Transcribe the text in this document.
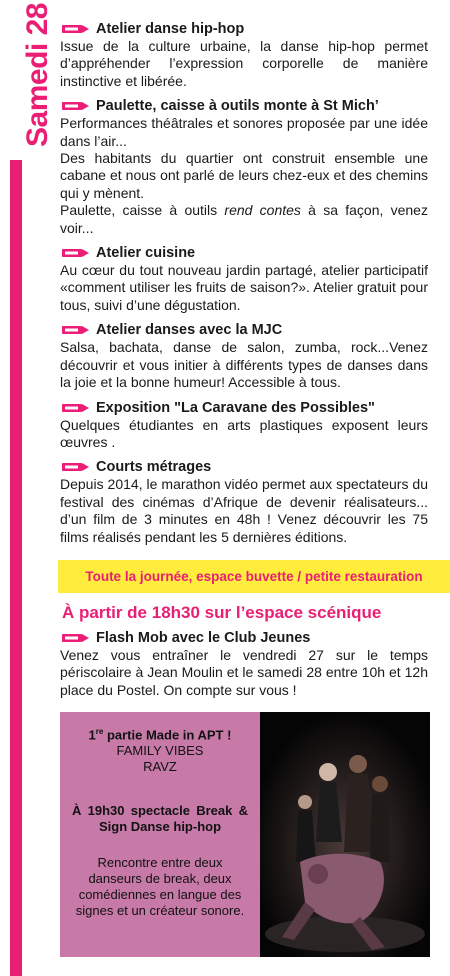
Samedi 28	Atelier danse hip-hop

Issue de la culture urbaine, la danse hip-hop permet d’appréhender l’expression corporelle de manière instinctive et libérée.

Paulette, caisse à outils monte à St Mich’

Performances théâtrales et sonores proposée par une idée dans l’air...

Des habitants du quartier ont construit ensemble une cabane et nous ont parlé de leurs chez-eux et des chemins qui y mènent.

Paulette, caisse à outils rend contes à sa façon, venez voir...

Atelier cuisine

Au cœur du tout nouveau jardin partagé, atelier participatif «comment utiliser les fruits de saison?». Atelier gratuit pour tous, suivi d’une dégustation.

Atelier danses avec la MJC

Salsa, bachata, danse de salon, zumba, rock...Venez découvrir et vous initier à différents types de danses dans la joie et la bonne humeur! Accessible à tous.

Exposition "La Caravane des Possibles"

Quelques étudiantes en arts plastiques exposent leurs œuvres .

Courts métrages

Depuis 2014, le marathon vidéo permet aux spectateurs du festival des cinémas d’Afrique de devenir réalisateurs... d’un film de 3 minutes en 48h ! Venez découvrir les 75 films réalisés pendant les 5 dernières éditions.

Toute la journée, espace buvette / petite restauration
À partir de 18h30 sur l’espace scénique
Flash Mob avec le Club Jeunes

Venez vous entraîner le vendredi 27 sur le temps périscolaire à Jean Moulin et le samedi 28 entre 10h et 12h place du Postel. On compte sur vous !

1re partie Made in APT !
FAMILY VIBES
RAVZ
À 19h30 spectacle Break & Sign Danse hip-hop
Rencontre entre deux danseurs de break, deux comédiennes en langue des signes et un créateur sonore.
